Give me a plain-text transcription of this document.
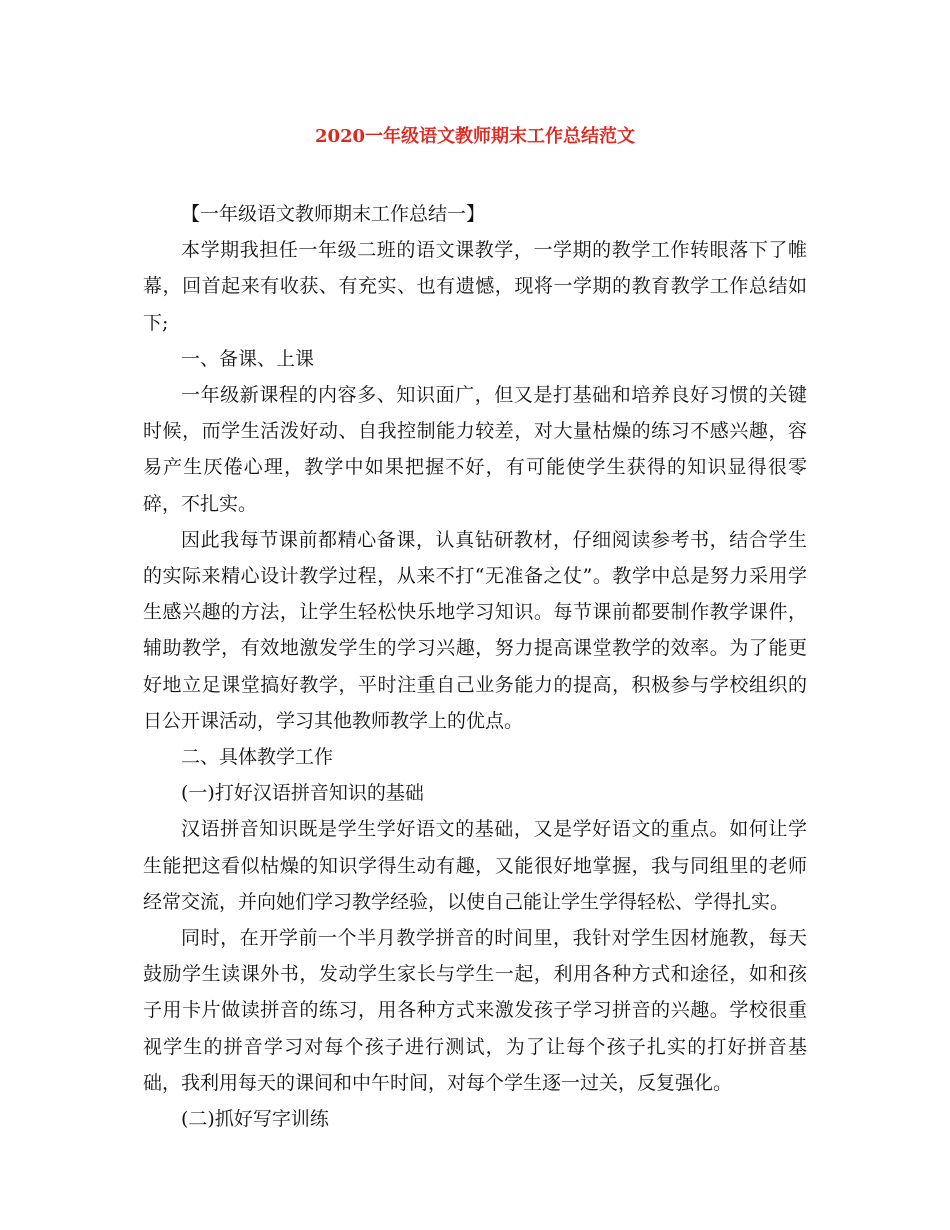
2020一年级语文教师期末工作总结范文

【一年级语文教师期末工作总结一】

本学期我担任一年级二班的语文课教学，一学期的教学工作转眼落下了帷幕，回首起来有收获、有充实、也有遗憾，现将一学期的教育教学工作总结如下;

一、备课、上课

一年级新课程的内容多、知识面广，但又是打基础和培养良好习惯的关键时候，而学生活泼好动、自我控制能力较差，对大量枯燥的练习不感兴趣，容易产生厌倦心理，教学中如果把握不好，有可能使学生获得的知识显得很零碎，不扎实。

因此我每节课前都精心备课，认真钻研教材，仔细阅读参考书，结合学生的实际来精心设计教学过程，从来不打“无准备之仗”。教学中总是努力采用学生感兴趣的方法，让学生轻松快乐地学习知识。每节课前都要制作教学课件，辅助教学，有效地激发学生的学习兴趣，努力提高课堂教学的效率。为了能更好地立足课堂搞好教学，平时注重自己业务能力的提高，积极参与学校组织的日公开课活动，学习其他教师教学上的优点。

二、具体教学工作

(一)打好汉语拼音知识的基础

汉语拼音知识既是学生学好语文的基础，又是学好语文的重点。如何让学生能把这看似枯燥的知识学得生动有趣，又能很好地掌握，我与同组里的老师经常交流，并向她们学习教学经验，以使自己能让学生学得轻松、学得扎实。

同时，在开学前一个半月教学拼音的时间里，我针对学生因材施教，每天鼓励学生读课外书，发动学生家长与学生一起，利用各种方式和途径，如和孩子用卡片做读拼音的练习，用各种方式来激发孩子学习拼音的兴趣。学校很重视学生的拼音学习对每个孩子进行测试，为了让每个孩子扎实的打好拼音基础，我利用每天的课间和中午时间，对每个学生逐一过关，反复强化。

(二)抓好写字训练
